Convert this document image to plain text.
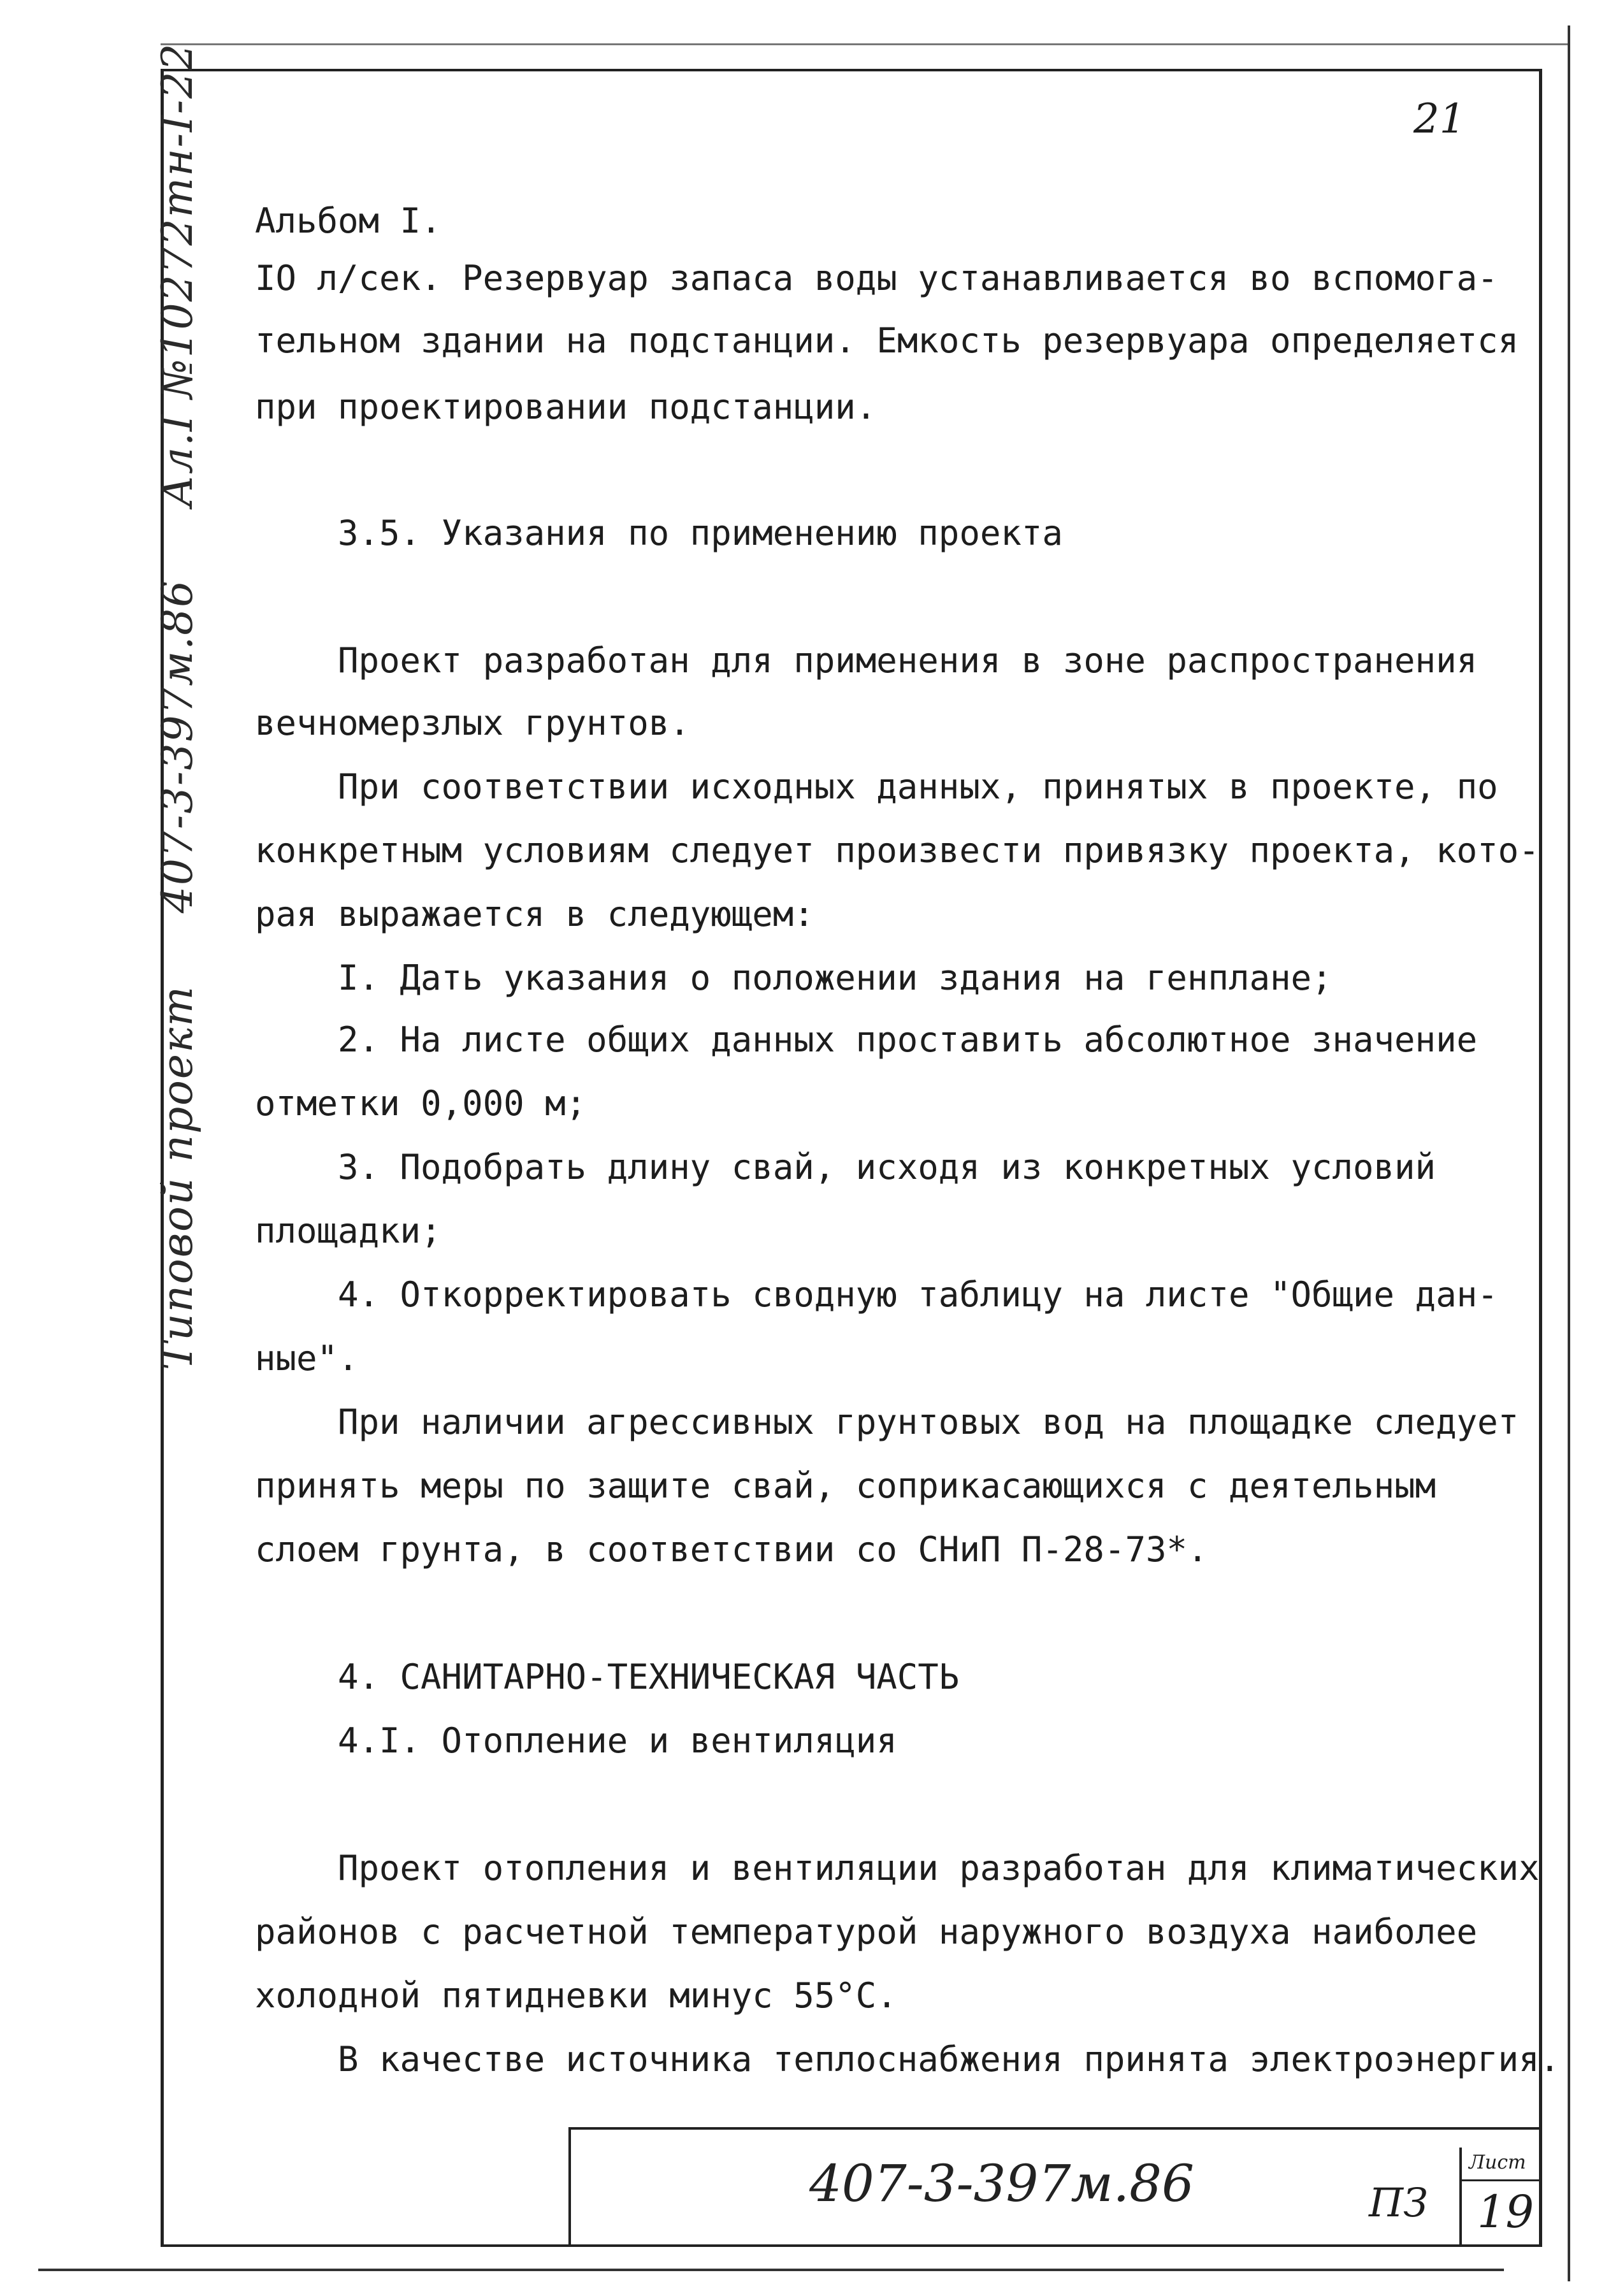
21
Типовой проект 407-3-397м.86 Ал.I №10272тн-I-22 Альбом I.
IO л/сек. Резервуар запаса воды устанавливается во вспомога-
тельном здании на подстанции. Емкость резервуара определяется
при проектировании подстанции.
3.5. Указания по применению проекта
Проект разработан для применения в зоне распространения
вечномерзлых грунтов.
При соответствии исходных данных, принятых в проекте, по
конкретным условиям следует произвести привязку проекта, кото-
рая выражается в следующем:
I. Дать указания о положении здания на генплане;
2. На листе общих данных проставить абсолютное значение
отметки 0,000 м;
3. Подобрать длину свай, исходя из конкретных условий
площадки;
4. Откорректировать сводную таблицу на листе "Общие дан-
ные".
При наличии агрессивных грунтовых вод на площадке следует
принять меры по защите свай, соприкасающихся с деятельным
слоем грунта, в соответствии со СНиП П-28-73*.
4. САНИТАРНО-ТЕХНИЧЕСКАЯ ЧАСТЬ
4.I. Отопление и вентиляция
Проект отопления и вентиляции разработан для климатических
районов с расчетной температурой наружного воздуха наиболее
холодной пятидневки минус 55°С.
В качестве источника теплоснабжения принята электроэнергия.
407-3-397м.86	ПЗ
Лист
19
